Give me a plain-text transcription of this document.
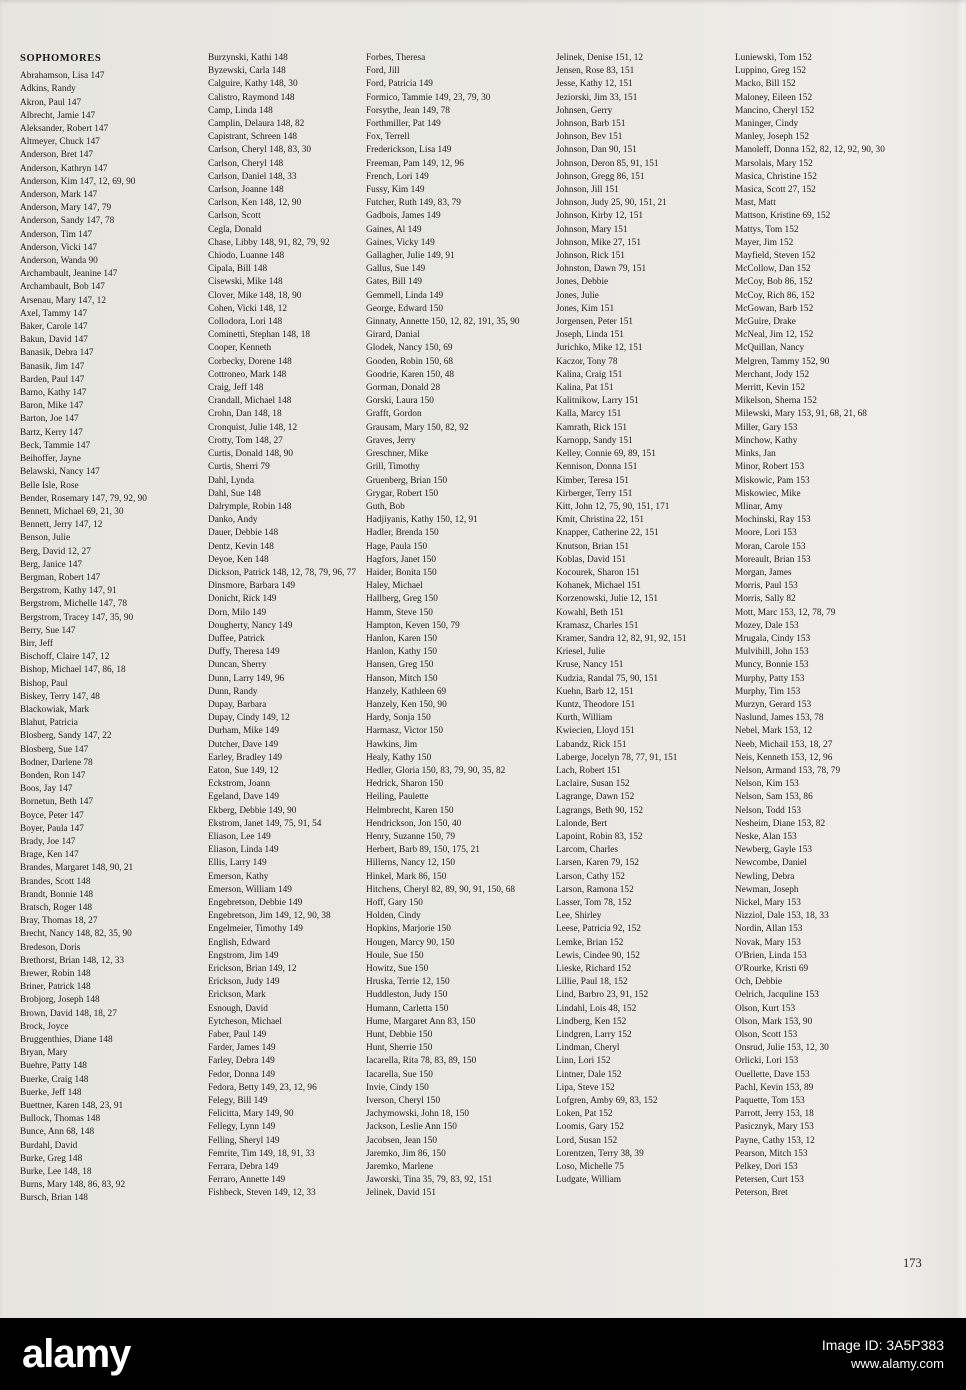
SOPHOMORES
Abrahamson, Lisa 147
Adkins, Randy
Akron, Paul 147
Albrecht, Jamie 147
Aleksander, Robert 147
Altmeyer, Chuck 147
Anderson, Bret 147
Anderson, Kathryn 147
Anderson, Kim 147, 12, 69, 90
Anderson, Mark 147
Anderson, Mary 147, 79
Anderson, Sandy 147, 78
Anderson, Tim 147
Anderson, Vicki 147
Anderson, Wanda 90
Archambault, Jeanine 147
Archambault, Bob 147
Arsenau, Mary 147, 12
Axel, Tammy 147
Baker, Carole 147
Bakun, David 147
Banasik, Debra 147
Banasik, Jim 147
Barden, Paul 147
Barno, Kathy 147
Baron, Mike 147
Barton, Joe 147
Bartz, Kerry 147
Beck, Tammie 147
Beihoffer, Jayne
Belawski, Nancy 147
Belle Isle, Rose
Bender, Rosemary 147, 79, 92, 90
Bennett, Michael 69, 21, 30
Bennett, Jerry 147, 12
Benson, Julie
Berg, David 12, 27
Berg, Janice 147
Bergman, Robert 147
Bergstrom, Kathy 147, 91
Bergstrom, Michelle 147, 78
Bergstrom, Tracey 147, 35, 90
Berry, Sue 147
Birr, Jeff
Bischoff, Claire 147, 12
Bishop, Michael 147, 86, 18
Bishop, Paul
Biskey, Terry 147, 48
Blackowiak, Mark
Blahut, Patricia
Blosberg, Sandy 147, 22
Blosberg, Sue 147
Bodner, Darlene 78
Bonden, Ron 147
Boos, Jay 147
Bornetun, Beth 147
Boyce, Peter 147
Boyer, Paula 147
Brady, Joe 147
Brage, Ken 147
Brandes, Margaret 148, 90, 21
Brandes, Scott 148
Brandt, Bonnie 148
Bratsch, Roger 148
Bray, Thomas 18, 27
Brecht, Nancy 148, 82, 35, 90
Bredeson, Doris
Brethorst, Brian 148, 12, 33
Brewer, Robin 148
Briner, Patrick 148
Brobjorg, Joseph 148
Brown, David 148, 18, 27
Brock, Joyce
Bruggenthies, Diane 148
Bryan, Mary
Buehre, Patty 148
Buerke, Craig 148
Buerke, Jeff 148
Buettner, Karen 148, 23, 91
Bullock, Thomas 148
Bunce, Ann 68, 148
Burdahl, David
Burke, Greg 148
Burke, Lee 148, 18
Burns, Mary 148, 86, 83, 92
Bursch, Brian 148
Burzynski, Kathi 148
Byzewski, Carla 148
Calguire, Kathy 148, 30
Calistro, Raymond 148
Camp, Linda 148
Camplin, Delaura 148, 82
Capistrant, Schreen 148
Carlson, Cheryl 148, 83, 30
Carlson, Cheryl 148
Carlson, Daniel 148, 33
Carlson, Joanne 148
Carlson, Ken 148, 12, 90
Carlson, Scott
Cegla, Donald
Chase, Libby 148, 91, 82, 79, 92
Chiodo, Luanne 148
Cipala, Bill 148
Cisewski, Mike 148
Clover, Mike 148, 18, 90
Cohen, Vicki 148, 12
Collodora, Lori 148
Cominetti, Stephan 148, 18
Cooper, Kenneth
Corbecky, Dorene 148
Cottroneo, Mark 148
Craig, Jeff 148
Crandall, Michael 148
Crohn, Dan 148, 18
Cronquist, Julie 148, 12
Crotty, Tom 148, 27
Curtis, Donald 148, 90
Curtis, Sherri 79
Dahl, Lynda
Dahl, Sue 148
Dalrymple, Robin 148
Danko, Andy
Dauer, Debbie 148
Dentz, Kevin 148
Deyoe, Ken 148
Dickson, Patrick 148, 12, 78, 79, 96, 77
Dinsmore, Barbara 149
Donicht, Rick 149
Dorn, Milo 149
Dougherty, Nancy 149
Duffee, Patrick
Duffy, Theresa 149
Duncan, Sherry
Dunn, Larry 149, 96
Dunn, Randy
Dupay, Barbara
Dupay, Cindy 149, 12
Durham, Mike 149
Dutcher, Dave 149
Earley, Bradley 149
Eaton, Sue 149, 12
Eckstrom, Joann
Egeland, Dave 149
Ekberg, Debbie 149, 90
Ekstrom, Janet 149, 75, 91, 54
Eliason, Lee 149
Eliason, Linda 149
Ellis, Larry 149
Emerson, Kathy
Emerson, William 149
Engebretson, Debbie 149
Engebretson, Jim 149, 12, 90, 38
Engelmeier, Timothy 149
English, Edward
Engstrom, Jim 149
Erickson, Brian 149, 12
Erickson, Judy 149
Erickson, Mark
Esnough, David
Eytcheson, Michael
Faber, Paul 149
Farder, James 149
Farley, Debra 149
Fedor, Donna 149
Fedora, Betty 149, 23, 12, 96
Felegy, Bill 149
Felicitta, Mary 149, 90
Fellegy, Lynn 149
Felling, Sheryl 149
Femrite, Tim 149, 18, 91, 33
Ferrara, Debra 149
Ferraro, Annette 149
Fishbeck, Steven 149, 12, 33
Forbes, Theresa
Ford, Jill
Ford, Patricia 149
Formico, Tammie 149, 23, 79, 30
Forsythe, Jean 149, 78
Forthmiller, Pat 149
Fox, Terrell
Frederickson, Lisa 149
Freeman, Pam 149, 12, 96
French, Lori 149
Fussy, Kim 149
Futcher, Ruth 149, 83, 79
Gadbois, James 149
Gaines, Al 149
Gaines, Vicky 149
Gallagher, Julie 149, 91
Gallus, Sue 149
Gates, Bill 149
Gemmell, Linda 149
George, Edward 150
Ginnaty, Annette 150, 12, 82, 191, 35, 90
Girard, Danial
Glodek, Nancy 150, 69
Gooden, Robin 150, 68
Goodrie, Karen 150, 48
Gorman, Donald 28
Gorski, Laura 150
Grafft, Gordon
Grausam, Mary 150, 82, 92
Graves, Jerry
Greschner, Mike
Grill, Timothy
Gruenberg, Brian 150
Grygar, Robert 150
Guth, Bob
Hadjiyanis, Kathy 150, 12, 91
Hadler, Brenda 150
Hage, Paula 150
Hagfors, Janet 150
Haider, Bonita 150
Haley, Michael
Hallberg, Greg 150
Hamm, Steve 150
Hampton, Keven 150, 79
Hanlon, Karen 150
Hanlon, Kathy 150
Hansen, Greg 150
Hanson, Mitch 150
Hanzely, Kathleen 69
Hanzely, Ken 150, 90
Hardy, Sonja 150
Harmasz, Victor 150
Hawkins, Jim
Healy, Kathy 150
Hedler, Gloria 150, 83, 79, 90, 35, 82
Hedrick, Sharon 150
Heiling, Paulette
Helmbrecht, Karen 150
Hendrickson, Jon 150, 40
Henry, Suzanne 150, 79
Herbert, Barb 89, 150, 175, 21
Hillerns, Nancy 12, 150
Hinkel, Mark 86, 150
Hitchens, Cheryl 82, 89, 90, 91, 150, 68
Hoff, Gary 150
Holden, Cindy
Hopkins, Marjorie 150
Hougen, Marcy 90, 150
Houle, Sue 150
Howitz, Sue 150
Hruska, Terrie 12, 150
Huddleston, Judy 150
Humann, Carletta 150
Hume, Margaret Ann 83, 150
Hunt, Debbie 150
Hunt, Sherrie 150
Iacarella, Rita 78, 83, 89, 150
Iacarella, Sue 150
Invie, Cindy 150
Iverson, Cheryl 150
Jachymowski, John 18, 150
Jackson, Leslie Ann 150
Jacobsen, Jean 150
Jaremko, Jim 86, 150
Jaremko, Marlene
Jaworski, Tina 35, 79, 83, 92, 151
Jelinek, David 151
Jelinek, Denise 151, 12
Jensen, Rose 83, 151
Jesse, Kathy 12, 151
Jeziorski, Jim 33, 151
Johnsen, Gerry
Johnson, Barb 151
Johnson, Bev 151
Johnson, Dan 90, 151
Johnson, Deron 85, 91, 151
Johnson, Gregg 86, 151
Johnson, Jill 151
Johnson, Judy 25, 90, 151, 21
Johnson, Kirby 12, 151
Johnson, Mary 151
Johnson, Mike 27, 151
Johnson, Rick 151
Johnston, Dawn 79, 151
Jones, Debbie
Jones, Julie
Jones, Kim 151
Jorgensen, Peter 151
Joseph, Linda 151
Jurichko, Mike 12, 151
Kaczor, Tony 78
Kalina, Craig 151
Kalina, Pat 151
Kalitnikow, Larry 151
Kalla, Marcy 151
Kamrath, Rick 151
Karnopp, Sandy 151
Kelley, Connie 69, 89, 151
Kennison, Donna 151
Kimber, Teresa 151
Kirberger, Terry 151
Kitt, John 12, 75, 90, 151, 171
Kmit, Christina 22, 151
Knapper, Catherine 22, 151
Knutson, Brian 151
Koblas, David 151
Kocourek, Sharon 151
Kohanek, Michael 151
Korzenowski, Julie 12, 151
Kowahl, Beth 151
Kramasz, Charles 151
Kramer, Sandra 12, 82, 91, 92, 151
Kriesel, Julie
Kruse, Nancy 151
Kudzia, Randal 75, 90, 151
Kuehn, Barb 12, 151
Kuntz, Theodore 151
Kurth, William
Kwiecien, Lloyd 151
Labandz, Rick 151
Laberge, Jocelyn 78, 77, 91, 151
Lach, Robert 151
Laclaire, Susan 152
Lagrange, Dawn 152
Lagrangs, Beth 90, 152
Lalonde, Bert
Lapoint, Robin 83, 152
Larcom, Charles
Larsen, Karen 79, 152
Larson, Cathy 152
Larson, Ramona 152
Lasser, Tom 78, 152
Lee, Shirley
Leese, Patricia 92, 152
Lemke, Brian 152
Lewis, Cindee 90, 152
Lieske, Richard 152
Lillie, Paul 18, 152
Lind, Barbro 23, 91, 152
Lindahl, Lois 48, 152
Lindberg, Ken 152
Lindgren, Larry 152
Lindman, Cheryl
Linn, Lori 152
Lintner, Dale 152
Lipa, Steve 152
Lofgren, Amby 69, 83, 152
Loken, Pat 152
Loomis, Gary 152
Lord, Susan 152
Lorentzen, Terry 38, 39
Loso, Michelle 75
Ludgate, William
Luniewski, Tom 152
Luppino, Greg 152
Macko, Bill 152
Maloney, Eileen 152
Mancino, Cheryl 152
Maninger, Cindy
Manley, Joseph 152
Manoleff, Donna 152, 82, 12, 92, 90, 30
Marsolais, Mary 152
Masica, Christine 152
Masica, Scott 27, 152
Mast, Matt
Mattson, Kristine 69, 152
Mattys, Tom 152
Mayer, Jim 152
Mayfield, Steven 152
McCollow, Dan 152
McCoy, Bob 86, 152
McCoy, Rich 86, 152
McGowan, Barb 152
McGuire, Drake
McNeal, Jim 12, 152
McQuillan, Nancy
Melgren, Tammy 152, 90
Merchant, Jody 152
Merritt, Kevin 152
Mikelson, Sherna 152
Milewski, Mary 153, 91, 68, 21, 68
Miller, Gary 153
Minchow, Kathy
Minks, Jan
Minor, Robert 153
Miskowic, Pam 153
Miskowiec, Mike
Mlinar, Amy
Mochinski, Ray 153
Moore, Lori 153
Moran, Carole 153
Moreault, Brian 153
Morgan, James
Morris, Paul 153
Morris, Sally 82
Mott, Marc 153, 12, 78, 79
Mozey, Dale 153
Mrugala, Cindy 153
Mulvihill, John 153
Muncy, Bonnie 153
Murphy, Patty 153
Murphy, Tim 153
Murzyn, Gerard 153
Naslund, James 153, 78
Nebel, Mark 153, 12
Neeb, Michail 153, 18, 27
Neis, Kenneth 153, 12, 96
Nelson, Armand 153, 78, 79
Nelson, Kim 153
Nelson, Sam 153, 86
Nelson, Todd 153
Nesheim, Diane 153, 82
Neske, Alan 153
Newberg, Gayle 153
Newcombe, Daniel
Newling, Debra
Newman, Joseph
Nickel, Mary 153
Nizziol, Dale 153, 18, 33
Nordin, Allan 153
Novak, Mary 153
O'Brien, Linda 153
O'Rourke, Kristi 69
Och, Debbie
Oelrich, Jacquline 153
Olson, Kurt 153
Olson, Mark 153, 90
Olson, Scott 153
Onsrud, Julie 153, 12, 30
Orlicki, Lori 153
Ouellette, Dave 153
Pachl, Kevin 153, 89
Paquette, Tom 153
Parrott, Jerry 153, 18
Pasicznyk, Mary 153
Payne, Cathy 153, 12
Pearson, Mitch 153
Pelkey, Dori 153
Petersen, Curt 153
Peterson, Bret
173
alamy	Image ID: 3A5P383
www.alamy.com
